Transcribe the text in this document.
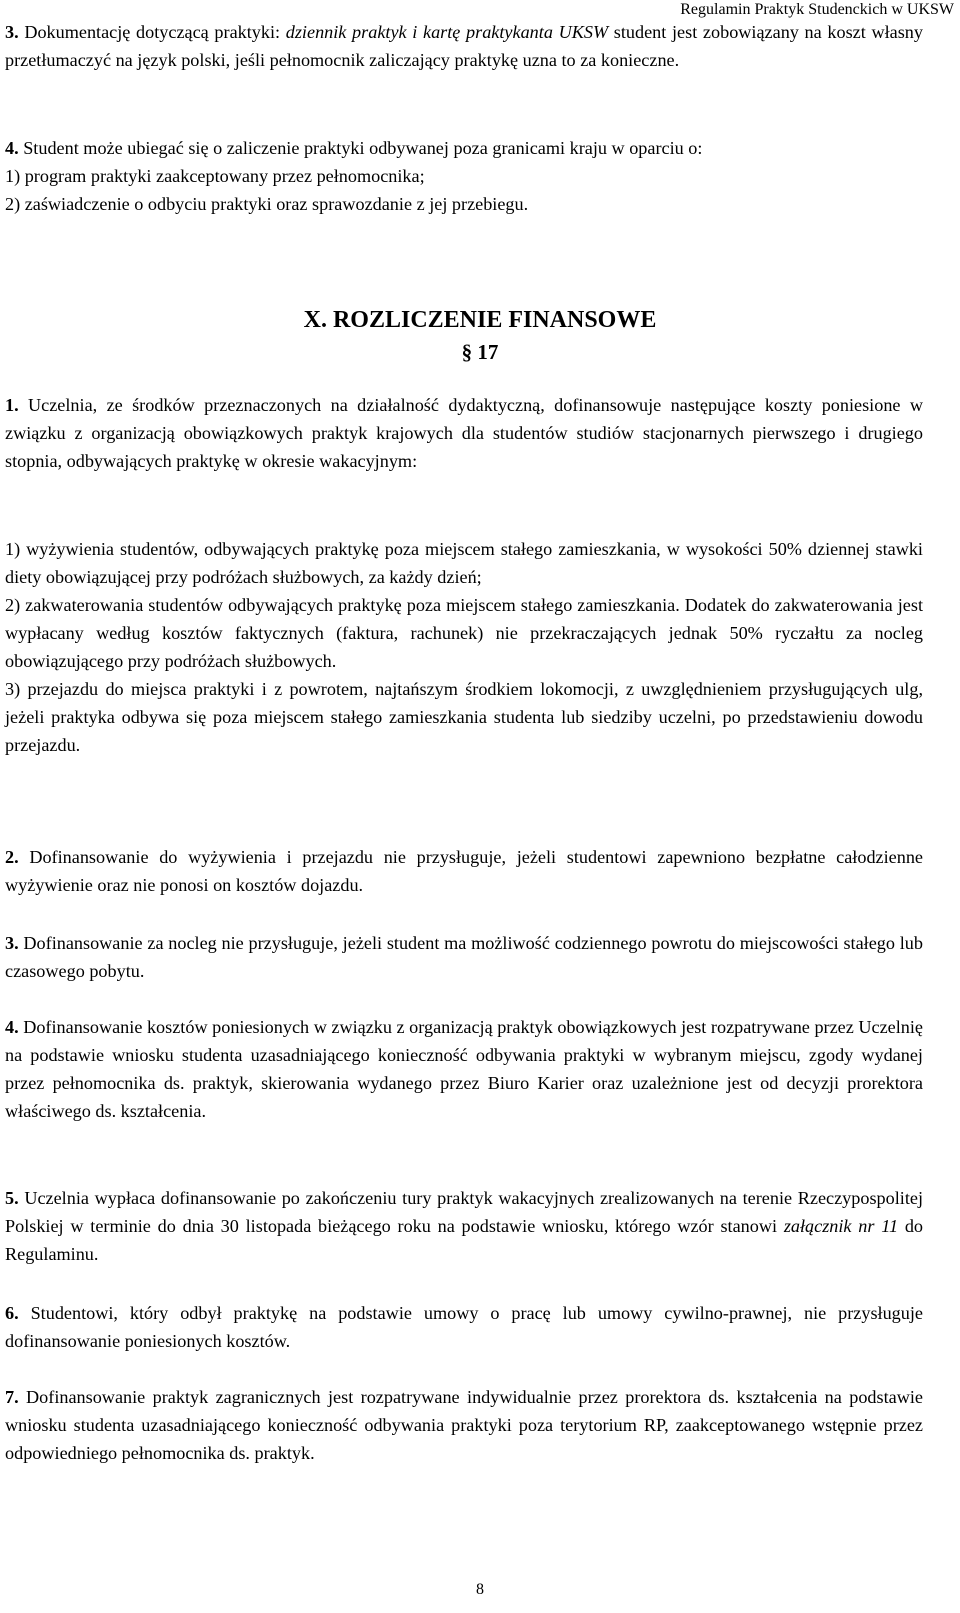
Regulamin Praktyk Studenckich w UKSW

3. Dokumentację dotyczącą praktyki: dziennik praktyk i kartę praktykanta UKSW student jest zobowiązany na koszt własny przetłumaczyć na język polski, jeśli pełnomocnik zaliczający praktykę uzna to za konieczne.

4. Student może ubiegać się o zaliczenie praktyki odbywanej poza granicami kraju w oparciu o:

1) program praktyki zaakceptowany przez pełnomocnika;

2) zaświadczenie o odbyciu praktyki oraz sprawozdanie z jej przebiegu.

X. ROZLICZENIE FINANSOWE
§ 17

1. Uczelnia, ze środków przeznaczonych na działalność dydaktyczną, dofinansowuje następujące koszty poniesione w związku z organizacją obowiązkowych praktyk krajowych dla studentów studiów stacjonarnych pierwszego i drugiego stopnia, odbywających praktykę w okresie wakacyjnym:

1) wyżywienia studentów, odbywających praktykę poza miejscem stałego zamieszkania, w wysokości 50% dziennej stawki diety obowiązującej przy podróżach służbowych, za każdy dzień;

2) zakwaterowania studentów odbywających praktykę poza miejscem stałego zamieszkania. Dodatek do zakwaterowania jest wypłacany według kosztów faktycznych (faktura, rachunek) nie przekraczających jednak 50% ryczałtu za nocleg obowiązującego przy podróżach służbowych.

3) przejazdu do miejsca praktyki i z powrotem, najtańszym środkiem lokomocji, z uwzględnieniem przysługujących ulg, jeżeli praktyka odbywa się poza miejscem stałego zamieszkania studenta lub siedziby uczelni, po przedstawieniu dowodu przejazdu.

2. Dofinansowanie do wyżywienia i przejazdu nie przysługuje, jeżeli studentowi zapewniono bezpłatne całodzienne wyżywienie oraz nie ponosi on kosztów dojazdu.

3. Dofinansowanie za nocleg nie przysługuje, jeżeli student ma możliwość codziennego powrotu do miejscowości stałego lub czasowego pobytu.

4. Dofinansowanie kosztów poniesionych w związku z organizacją praktyk obowiązkowych jest rozpatrywane przez Uczelnię na podstawie wniosku studenta uzasadniającego konieczność odbywania praktyki w wybranym miejscu, zgody wydanej przez pełnomocnika ds. praktyk, skierowania wydanego przez Biuro Karier oraz uzależnione jest od decyzji prorektora właściwego ds. kształcenia.

5. Uczelnia wypłaca dofinansowanie po zakończeniu tury praktyk wakacyjnych zrealizowanych na terenie Rzeczypospolitej Polskiej w terminie do dnia 30 listopada bieżącego roku na podstawie wniosku, którego wzór stanowi załącznik nr 11 do Regulaminu.

6. Studentowi, który odbył praktykę na podstawie umowy o pracę lub umowy cywilno-prawnej, nie przysługuje dofinansowanie poniesionych kosztów.

7. Dofinansowanie praktyk zagranicznych jest rozpatrywane indywidualnie przez prorektora ds. kształcenia na podstawie wniosku studenta uzasadniającego konieczność odbywania praktyki poza terytorium RP, zaakceptowanego wstępnie przez odpowiedniego pełnomocnika ds. praktyk.

8
